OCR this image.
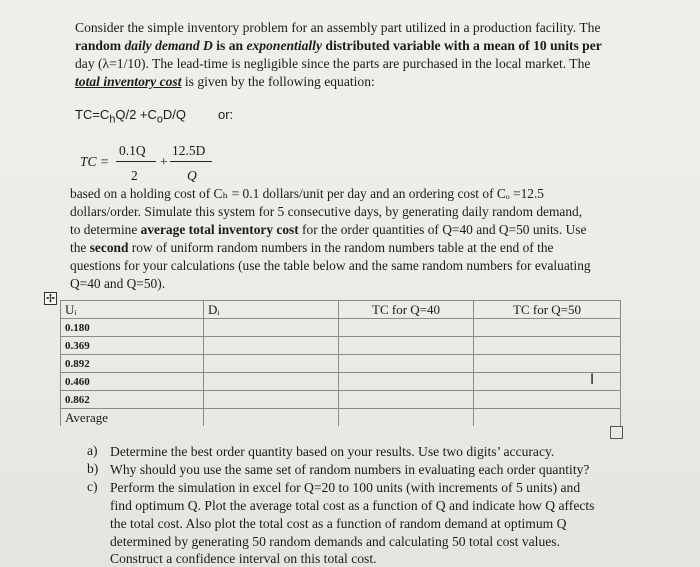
Consider the simple inventory problem for an assembly part utilized in a production facility. The
random daily demand D is an exponentially distributed variable with a mean of 10 units per
day (λ=1/10). The lead-time is negligible since the parts are purchased in the local market. The
total inventory cost is given by the following equation:
$TC=C_hQ/2 +C_oD/Q$ or:
TC =
0.1Q
2
+
12.5D
Q
based on a holding cost of Cₕ = 0.1 dollars/unit per day and an ordering cost of Cₒ =12.5
dollars/order. Simulate this system for 5 consecutive days, by generating daily random demand,
to determine average total inventory cost for the order quantities of Q=40 and Q=50 units. Use
the second row of uniform random numbers in the random numbers table at the end of the
questions for your calculations (use the table below and the same random numbers for evaluating
Q=40 and Q=50).
✢
Uᵢ	Dᵢ	TC for Q=40	TC for Q=50
0.180			
0.369			
0.892			
0.460			
0.862			
Average			
I
a) Determine the best order quantity based on your results. Use two digits’ accuracy.
b) Why should you use the same set of random numbers in evaluating each order quantity?
c) Perform the simulation in excel for Q=20 to 100 units (with increments of 5 units) and
find optimum Q. Plot the average total cost as a function of Q and indicate how Q affects
the total cost. Also plot the total cost as a function of random demand at optimum Q
determined by generating 50 random demands and calculating 50 total cost values.
Construct a confidence interval on this total cost.
